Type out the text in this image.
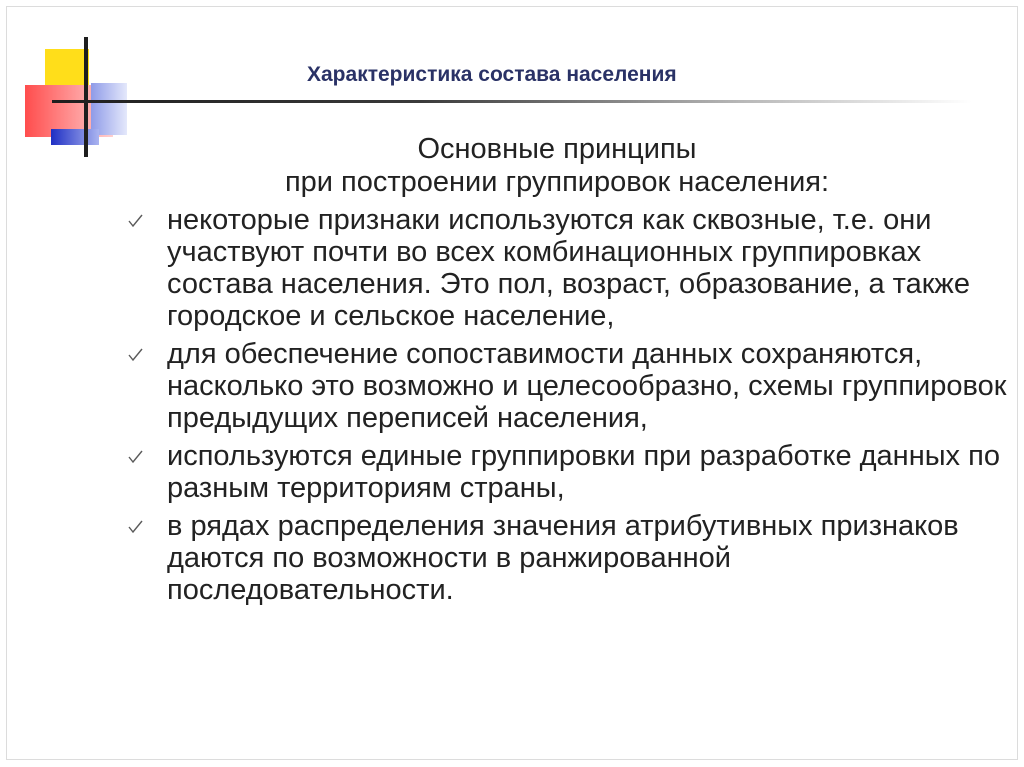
Характеристика состава населения
Основные принципы
при построении группировок населения:
некоторые признаки используются как сквозные, т.е. они участвуют почти во всех комбинационных группировках состава населения. Это пол, возраст, образование, а также городское и сельское население,
для обеспечение сопоставимости данных сохраняются, насколько это возможно и целесообразно, схемы группировок предыдущих переписей населения,
используются единые группировки при разработке данных по разным территориям страны,
в рядах распределения значения атрибутивных признаков даются по возможности в ранжированной последовательности.
